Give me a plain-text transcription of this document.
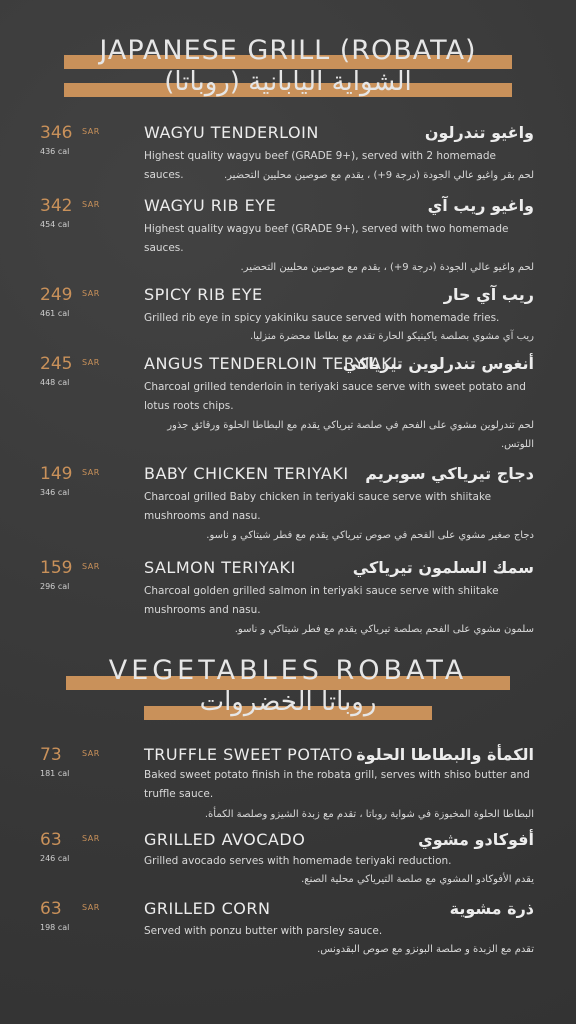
JAPANESE GRILL (ROBATA)
الشواية اليابانية (روباتا)
346 SAR
436 cal
WAGYU TENDERLOIN	واغيو تندرلون
Highest quality wagyu beef (GRADE 9+), served with 2 homemade sauces.	لحم بقر واغيو عالي الجودة (درجة 9+) ، يقدم مع صوصين محليين التحضير.
342 SAR
454 cal
WAGYU RIB EYE	واغيو ريب آي
Highest quality wagyu beef (GRADE 9+), served with two homemade sauces.
لحم واغيو عالي الجودة (درجة 9+) ، يقدم مع صوصين محليين التحضير.
249 SAR
461 cal
SPICY RIB EYE	ريب آي حار
Grilled rib eye in spicy yakiniku sauce served with homemade fries.
ريب آي مشوي بصلصة ياكينيكو الحارة تقدم مع بطاطا محضرة منزليا.
245 SAR
448 cal
ANGUS TENDERLOIN TERYIAKI
أنغوس تندرلوين تيرياكي
Charcoal grilled tenderloin in teriyaki sauce serve with sweet potato and lotus roots chips.
لحم تندرلوين مشوي على الفحم في صلصة تيرياكي يقدم مع البطاطا الحلوة ورقائق جذور اللوتس.
149 SAR
346 cal
BABY CHICKEN TERIYAKI دجاج تيرياكي سوبريم
Charcoal grilled Baby chicken in teriyaki sauce serve with shiitake mushrooms and nasu.
دجاج صغير مشوي على الفحم في صوص تيرياكي يقدم مع فطر شيتاكي و ناسو.
159 SAR
296 cal
SALMON TERIYAKI	سمك السلمون تيرياكي
Charcoal golden grilled salmon in teriyaki sauce serve with shiitake mushrooms and nasu.
سلمون مشوي على الفحم بصلصة تيرياكي يقدم مع فطر شيتاكي و ناسو.
VEGETABLES ROBATA
روباتا الخضروات
73	SAR
181 cal
TRUFFLE SWEET POTATO الكمأة والبطاطا الحلوة
Baked sweet potato finish in the robata grill, serves with shiso butter and truffle sauce.
البطاطا الحلوة المخبوزة في شواية روباتا ، تقدم مع زبدة الشيزو وصلصة الكمأة.
63	SAR
246 cal
GRILLED AVOCADO	أفوكادو مشوي
Grilled avocado serves with homemade teriyaki reduction.
يقدم الأفوكادو المشوي مع صلصة التيرياكي محلية الصنع.
63	SAR
198 cal
GRILLED CORN	ذرة مشوية
Served with ponzu butter with parsley sauce.
تقدم مع الزبدة و صلصة البونزو مع صوص البقدونس.
